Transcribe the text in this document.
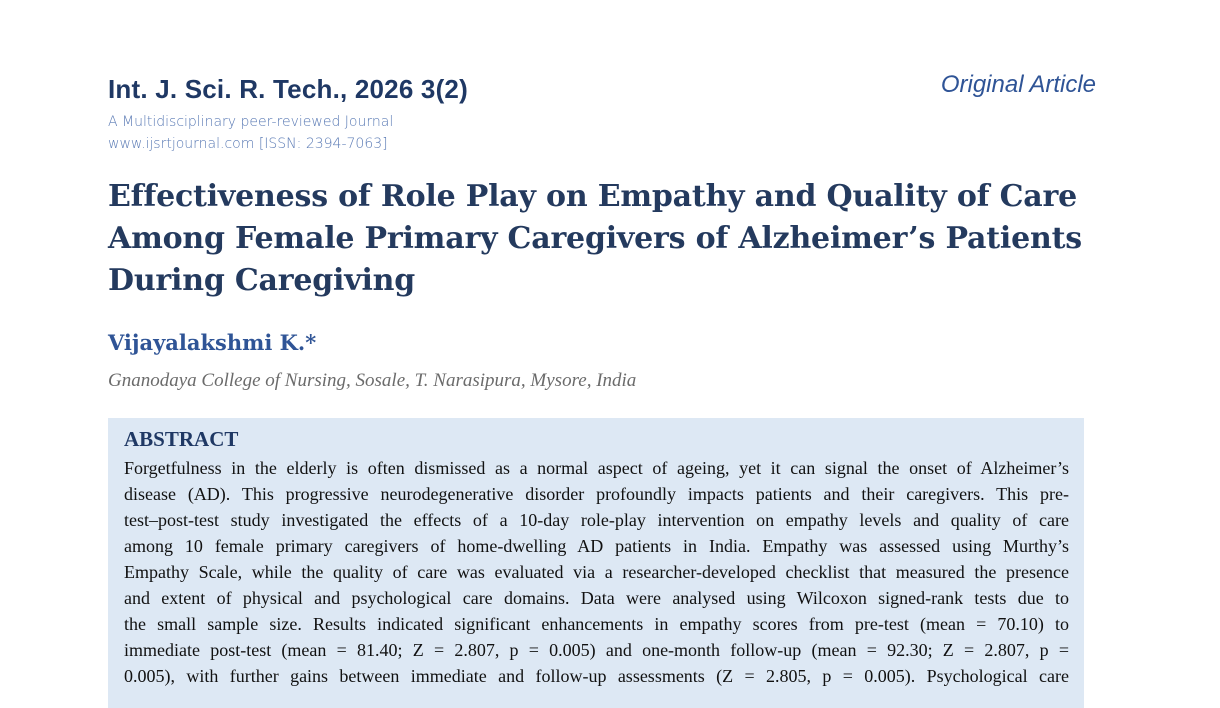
Int. J. Sci. R. Tech., 2026 3(2)	Original Article
A Multidisciplinary peer-reviewed Journal
www.ijsrtjournal.com [ISSN: 2394-7063]
Effectiveness of Role Play on Empathy and Quality of Care
Among Female Primary Caregivers of Alzheimer’s Patients
During Caregiving
Vijayalakshmi K.*
Gnanodaya College of Nursing, Sosale, T. Narasipura, Mysore, India
ABSTRACT
Forgetfulness in the elderly is often dismissed as a normal aspect of ageing, yet it can signal the onset of Alzheimer’s
disease (AD). This progressive neurodegenerative disorder profoundly impacts patients and their caregivers. This pre-
test–post-test study investigated the effects of a 10-day role-play intervention on empathy levels and quality of care
among 10 female primary caregivers of home-dwelling AD patients in India. Empathy was assessed using Murthy’s
Empathy Scale, while the quality of care was evaluated via a researcher-developed checklist that measured the presence
and extent of physical and psychological care domains. Data were analysed using Wilcoxon signed-rank tests due to
the small sample size. Results indicated significant enhancements in empathy scores from pre-test (mean = 70.10) to
immediate post-test (mean = 81.40; Z = 2.807, p = 0.005) and one-month follow-up (mean = 92.30; Z = 2.807, p =
0.005), with further gains between immediate and follow-up assessments (Z = 2.805, p = 0.005). Psychological care
